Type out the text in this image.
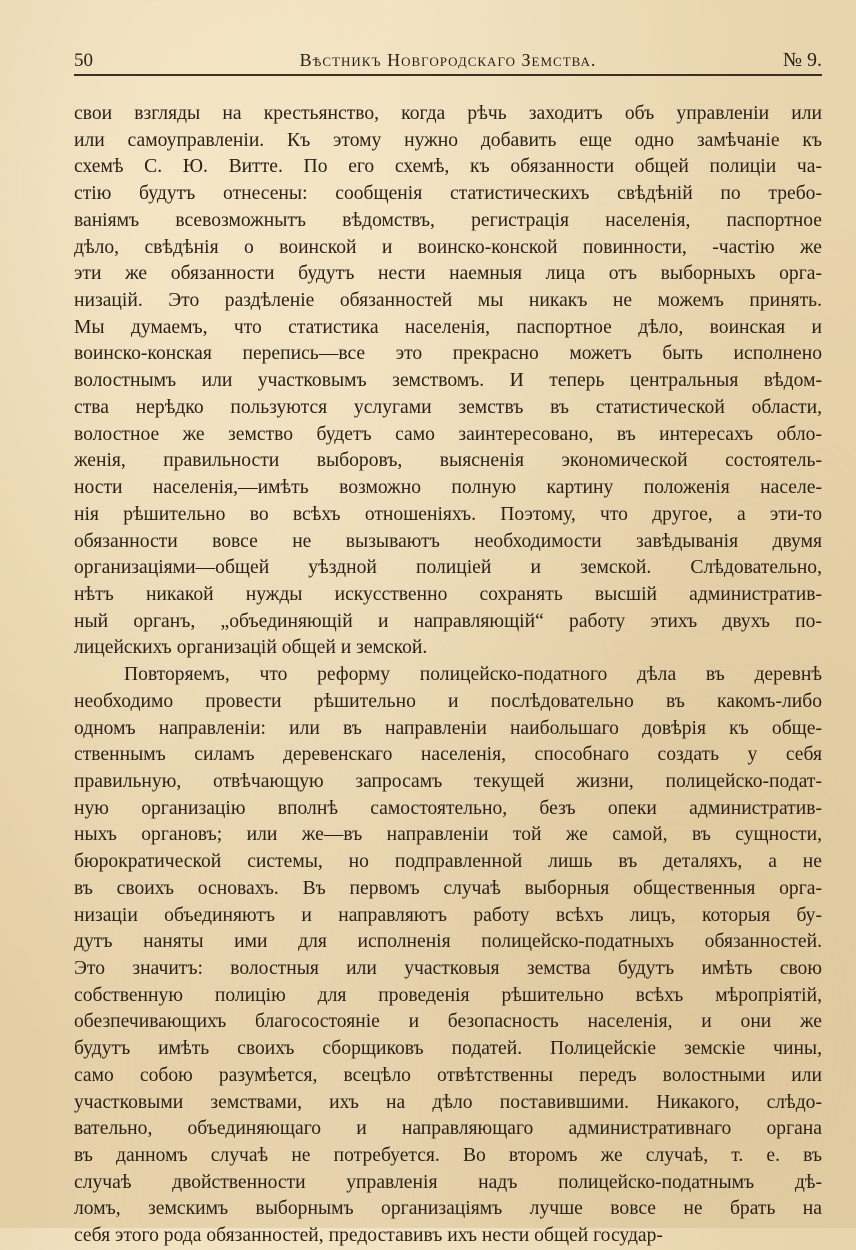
50	Вѣстникъ Новгородскаго Земства.	№ 9.
свои взгляды на крестьянство, когда рѣчь заходитъ объ управленіи или
или самоуправленіи. Къ этому нужно добавить еще одно замѣчаніе къ
схемѣ С. Ю. Витте. По его схемѣ, къ обязанности общей полиціи ча-
стію будутъ отнесены: сообщенія статистическихъ свѣдѣній по требо-
ваніямъ всевозможнытъ вѣдомствъ, регистрація населенія, паспортное
дѣло, свѣдѣнія о воинской и воинско-конской повинности, -частію же
эти же обязанности будутъ нести наемныя лица отъ выборныхъ орга-
низацій. Это раздѣленіе обязанностей мы никакъ не можемъ принять.
Мы думаемъ, что статистика населенія, паспортное дѣло, воинская и
воинско-конская перепись—все это прекрасно можетъ быть исполнено
волостнымъ или участковымъ земствомъ. И теперь центральныя вѣдом-
ства нерѣдко пользуются услугами земствъ въ статистической области,
волостное же земство будетъ само заинтересовано, въ интересахъ обло-
женія, правильности выборовъ, выясненія экономической состоятель-
ности населенія,—имѣть возможно полную картину положенія населе-
нія рѣшительно во всѣхъ отношеніяхъ. Поэтому, что другое, а эти-то
обязанности вовсе не вызываютъ необходимости завѣдыванія двумя
организаціями—общей уѣздной полиціей и земской. Слѣдовательно,
нѣтъ никакой нужды искусственно сохранять высшій административ-
ный органъ, „объединяющій и направляющій“ работу этихъ двухъ по-
лицейскихъ организацій общей и земской.
Повторяемъ, что реформу полицейско-податного дѣла въ деревнѣ
необходимо провести рѣшительно и послѣдовательно въ какомъ-либо
одномъ направленіи: или въ направленіи наибольшаго довѣрія къ обще-
ственнымъ силамъ деревенскаго населенія, способнаго создать у себя
правильную, отвѣчающую запросамъ текущей жизни, полицейско-подат-
ную организацію вполнѣ самостоятельно, безъ опеки административ-
ныхъ органовъ; или же—въ направленіи той же самой, въ сущности,
бюрократической системы, но подправленной лишь въ деталяхъ, а не
въ своихъ основахъ. Въ первомъ случаѣ выборныя общественныя орга-
низаціи объединяютъ и направляютъ работу всѣхъ лицъ, которыя бу-
дутъ наняты ими для исполненія полицейско-податныхъ обязанностей.
Это значитъ: волостныя или участковыя земства будутъ имѣть свою
собственную полицію для проведенія рѣшительно всѣхъ мѣропріятій,
обезпечивающихъ благосостояніе и безопасность населенія, и они же
будутъ имѣть своихъ сборщиковъ податей. Полицейскіе земскіе чины,
само собою разумѣется, всецѣло отвѣтственны передъ волостными или
участковыми земствами, ихъ на дѣло поставившими. Никакого, слѣдо-
вательно, объединяющаго и направляющаго административнаго органа
въ данномъ случаѣ не потребуется. Во второмъ же случаѣ, т. е. въ
случаѣ двойственности управленія надъ полицейско-податнымъ дѣ-
ломъ, земскимъ выборнымъ организаціямъ лучше вовсе не брать на
себя этого рода обязанностей, предоставивъ ихъ нести общей государ-
